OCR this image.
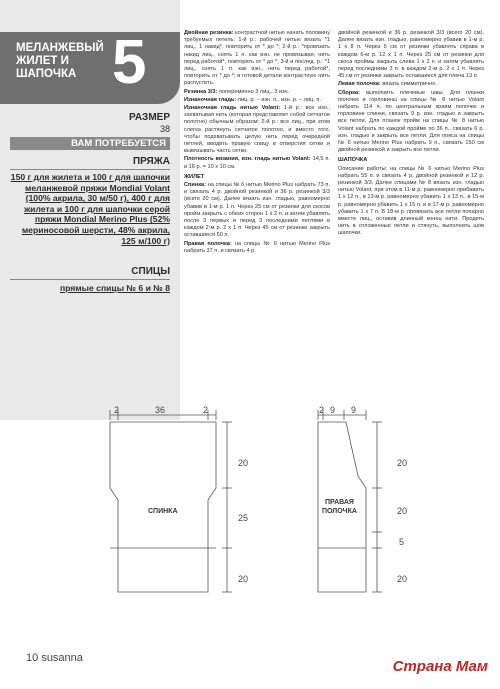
МЕЛАНЖЕВЫЙ
ЖИЛЕТ И
ШАПОЧКА 5
РАЗМЕР
38
ВАМ ПОТРЕБУЕТСЯ
ПРЯЖА
150 г для жилета и 100 г для шапочки меланжевой пряжи Mondial Volant (100% акрила, 30 м/50 г), 400 г для жилета и 100 г для шапочки серой пряжи Mondial Merino Plus (52% мериносовой шерсти, 48% акрила, 125 м/100 г)
СПИЦЫ
прямые спицы № 6 и № 8

Двойная резинка: контрастной нитью начать половину требуемых петель: 1-й р.: рабочей нитью вязать *1 лиц., 1 накид*, повторить от * до *; 2-й р.: *провязать накид лиц., снять 1 п. как изн. не провязывая, нить перед работой*, повторить от * до *; 3-й и послед. р.: *1 лиц., снять 1 п. как изн., нить перед работой*, повторить от * до *; в готовой детали контрастную нить распустить.

Резинка 3/3: попеременно 3 лиц., 3 изн.

Изнаночная гладь: лиц. р. – изн. п., изн. р. – лиц. п.

Изнаночная гладь нитью Volant: 1-й р.: все изн., захватывая нить (которая представляет собой сетчатое полотно) обычным образом; 2-й р.: все лиц., при этом слегка растянуть сетчатое полотно, и вместо того, чтобы подхватывать целую нить перед очередной петлей, вводить правую спицу в отверстия сетки и вывязывать часть сетки.

Плотность вязания, изн. гладь нитью Volant: 14,5 п. и 16 р. = 10 х 10 см.

ЖИЛЕТ

Спинка: на спицы № 6 нитью Merino Plus набрать 73 п. и связать 4 р. двойной резинкой и 36 р. резинкой 3/3 (всего 20 см). Далее вязать изн. гладью, равномерно убавив в 1-м р. 1 п. Через 25 см от резинки для скосов пройм закрыть с обеих сторон 1 х 2 п. и затем убавлять после 3 первых и перед 3 последними петлями в каждом 2-м р. 2 х 1 п. Через 45 см от резинки закрыть оставшиеся 50 п.

Правая полочка: на спицы № 6 нитью Merino Plus набрать 37 п. и связать 4 р.

двойной резинкой и 36 р. резинкой 3/3 (всего 20 см). Далее вязать изн. гладью, равномерно убавив в 1-м р. 1 х 8 п. Через 5 см от резинки убавлять справа в каждом 6-м р. 12 х 1 п. Через 25 см от резинки для скоса проймы закрыть слева 1 х 2 п. и затем убавлять перед последними 3 п. в каждом 2-м р. 2 х 1 п. Через 45 см от резинки закрыть оставшиеся для плеча 13 п.

Левая полочка: вязать симметрично.

Сборка: выполнить плечевые швы. Для планки полочек и горловины на спицы № 8 нитью Volant набрать 114 п. по центральным краям полочек и горловине спинки, связать 9 р. изн. гладью и закрыть все петли. Для планок пройм на спицы № 8 нитью Volant набрать по каждой пройме по 36 п., связать 6 р. изн. гладью и закрыть все петли. Для пояса на спицы № 6 нитью Merino Plus набрать 9 п., связать 150 см двойной резинкой и закрыть все петли.

ШАПОЧКА

Описание работы: на спицы № 6 нитью Merino Plus набрать 55 п. и связать 4 р. двойной резинкой и 12 р. резинкой 3/3. Далее спицами № 8 вязать изн. гладью нитью Volant, при этом в 11-м р. равномерно прибавить 1 х 12 п., в 13-м р. равномерно убавить 1 х 13 п., в 15-м р. равномерно убавить 1 х 15 п. и в 17-м р. равномерно убавить 1 х 7 п. В 18-м р. провязать все петли попарно вместе лиц., оставив длинный конец нити. Продеть нить в отложенные петли и стянуть, выполнить шов шапочки.

2	36	2
20
25
20
СПИНКА
2 9 9
20
20
5
20
ПРАВАЯ
ПОЛОЧКА
10 susanna	Страна Мам
